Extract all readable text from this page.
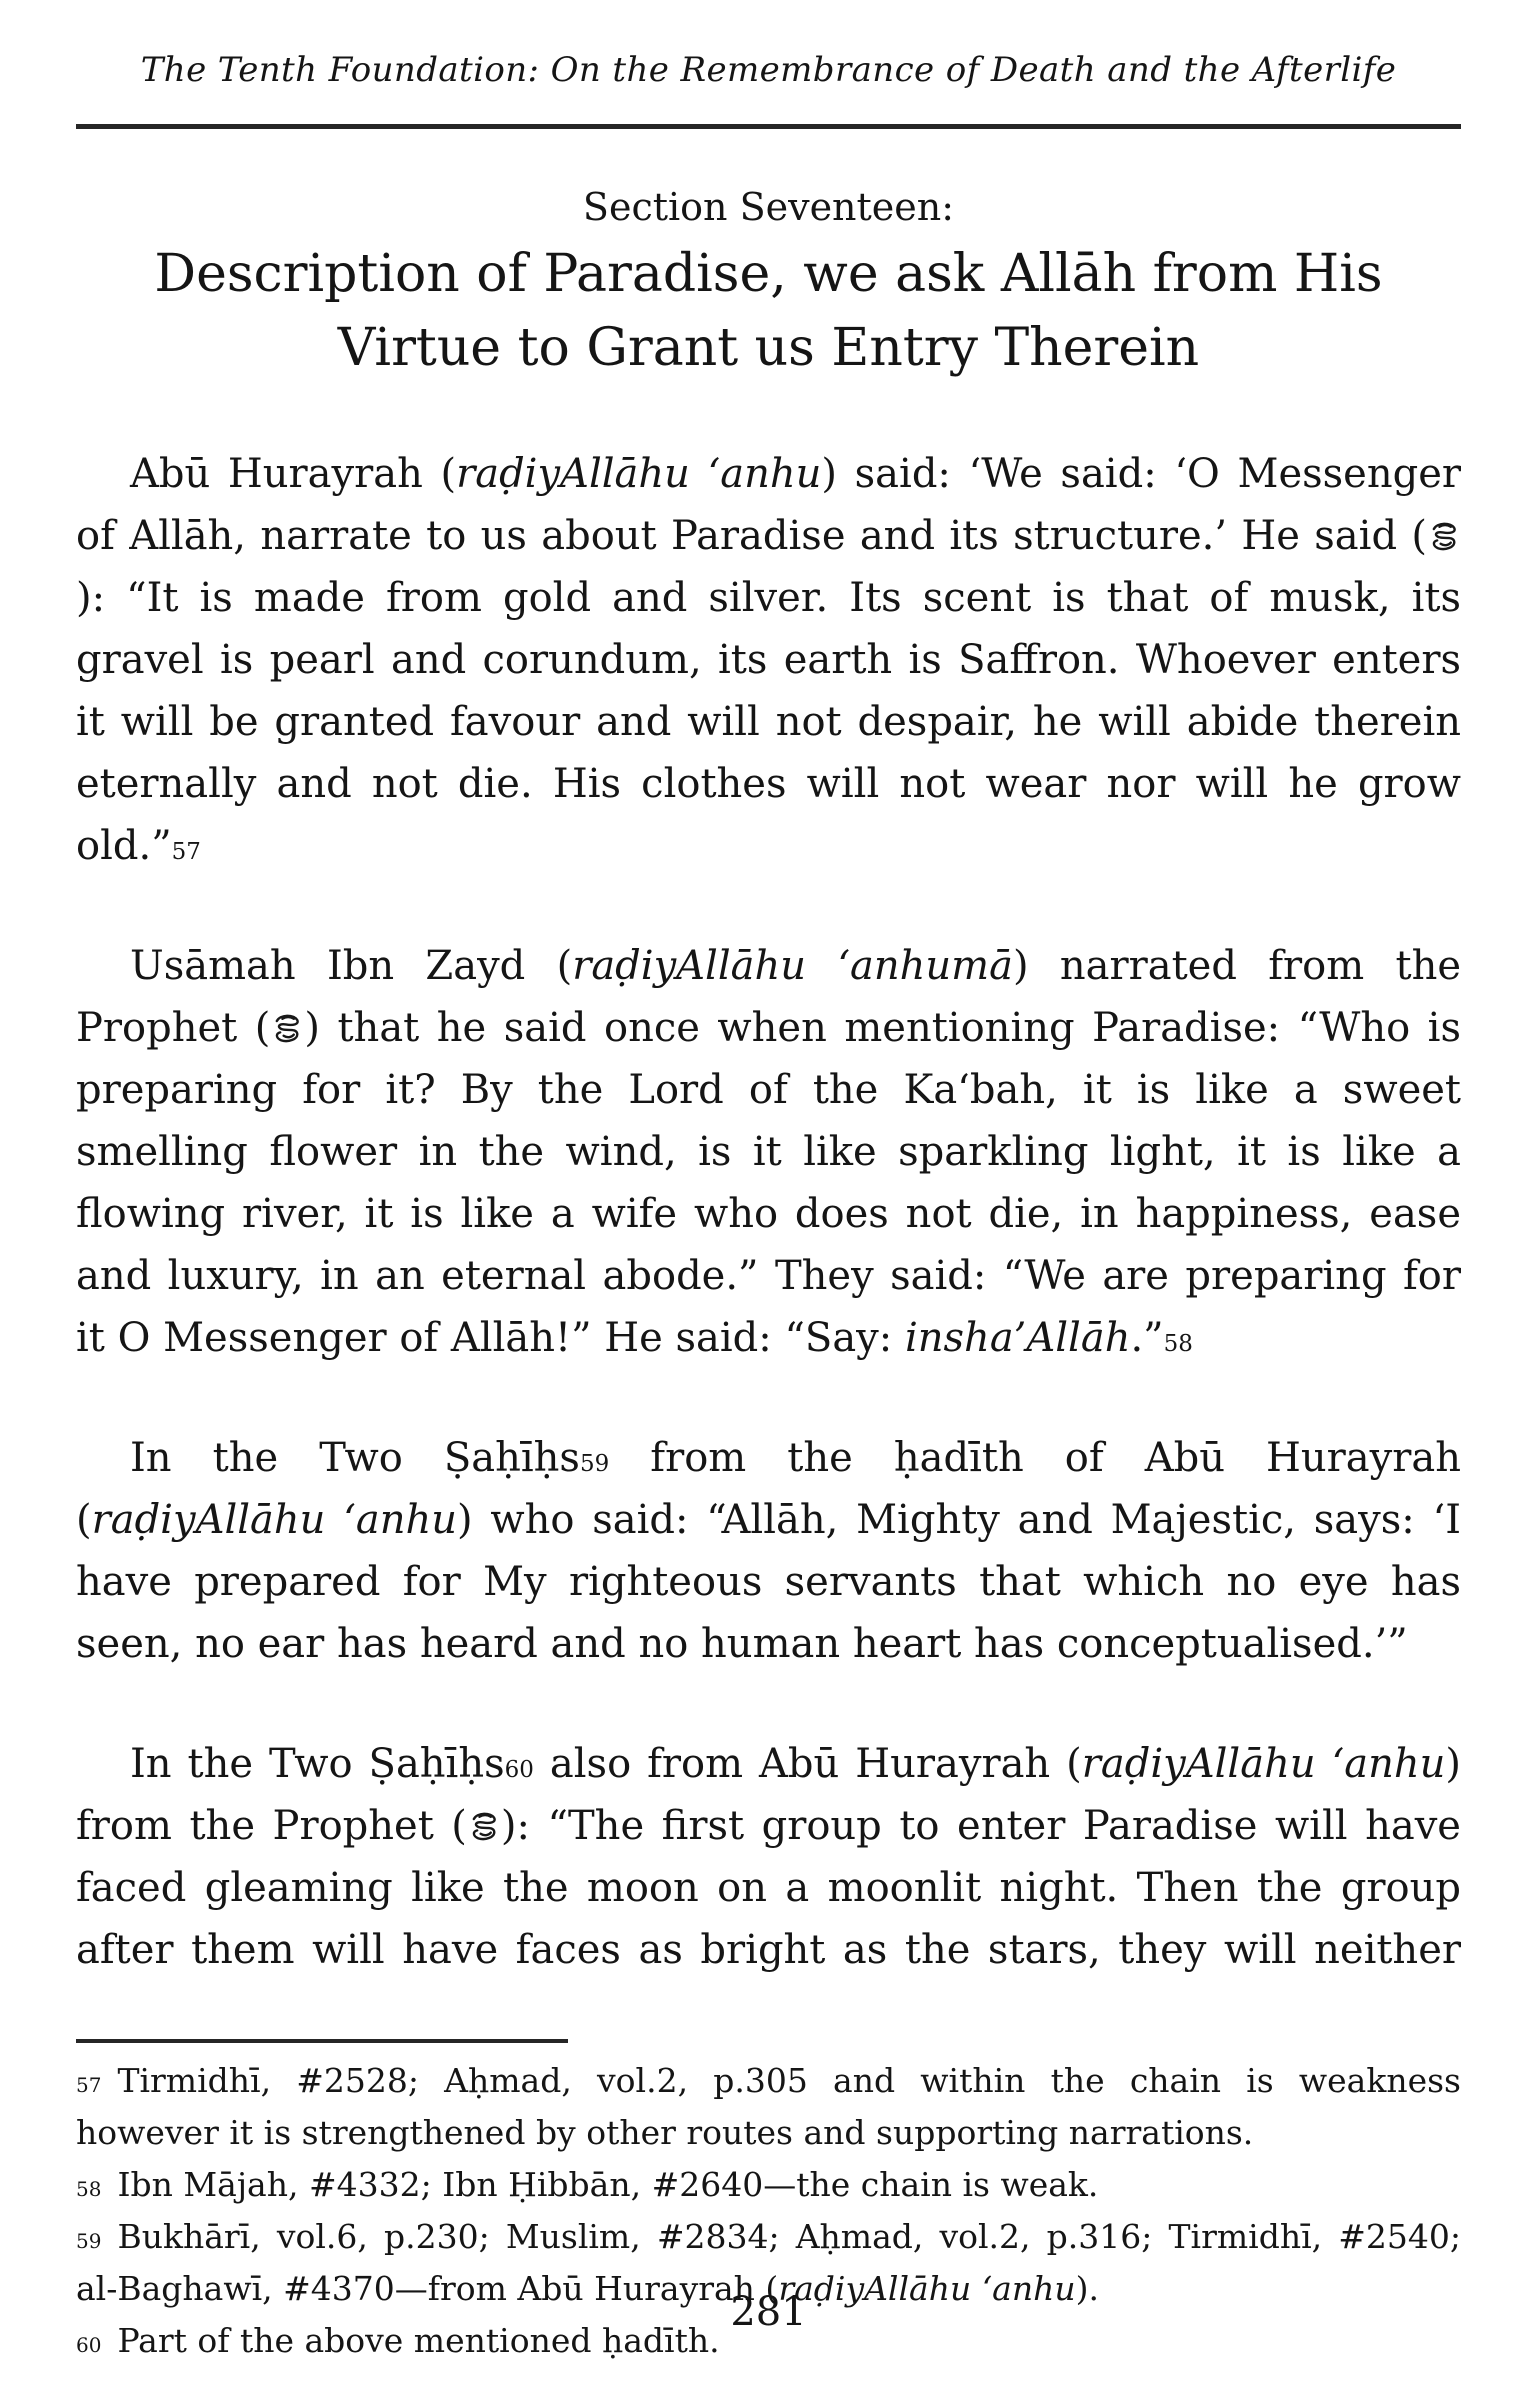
The Tenth Foundation: On the Remembrance of Death and the Afterlife
Section Seventeen:
Description of Paradise, we ask Allāh from His
Virtue to Grant us Entry Therein

Abū Hurayrah (raḍiyAllāhu ‘anhu) said: ‘We said: ‘O Messenger of Allāh, narrate to us about Paradise and its structure.’ He said (): “It is made from gold and silver. Its scent is that of musk, its gravel is pearl and corundum, its earth is Saffron. Whoever enters it will be granted favour and will not despair, he will abide therein eternally and not die. His clothes will not wear nor will he grow old.”$^{57}$

Usāmah Ibn Zayd (raḍiyAllāhu ‘anhumā) narrated from the Prophet ( ) that he said once when mentioning Paradise: “Who is preparing for it? By the Lord of the Ka‘bah, it is like a sweet smelling flower in the wind, is it like sparkling light, it is like a flowing river, it is like a wife who does not die, in happiness, ease and luxury, in an eternal abode.” They said: “We are preparing for it O Messenger of Allāh!” He said: “Say: insha’Allāh.”$^{58}$

In the Two Ṣaḥīḥs$^{59}$ from the ḥadīth of Abū Hurayrah (raḍiyAllāhu ‘anhu) who said: “Allāh, Mighty and Majestic, says: ‘I have prepared for My righteous servants that which no eye has seen, no ear has heard and no human heart has conceptualised.’”

In the Two Ṣaḥīḥs$^{60}$ also from Abū Hurayrah (raḍiyAllāhu ‘anhu) from the Prophet ( ): “The first group to enter Paradise will have faced gleaming like the moon on a moonlit night. Then the group after them will have faces as bright as the stars, they will neither

$^{57}$ Tirmidhī, #2528; Aḥmad, vol.2, p.305 and within the chain is weakness however it is strengthened by other routes and supporting narrations.

$^{58}$ Ibn Mājah, #4332; Ibn Ḥibbān, #2640—the chain is weak.

$^{59}$ Bukhārī, vol.6, p.230; Muslim, #2834; Aḥmad, vol.2, p.316; Tirmidhī, #2540; al-Baghawī, #4370—from Abū Hurayrah (raḍiyAllāhu ‘anhu).

$^{60}$ Part of the above mentioned ḥadīth.

281
